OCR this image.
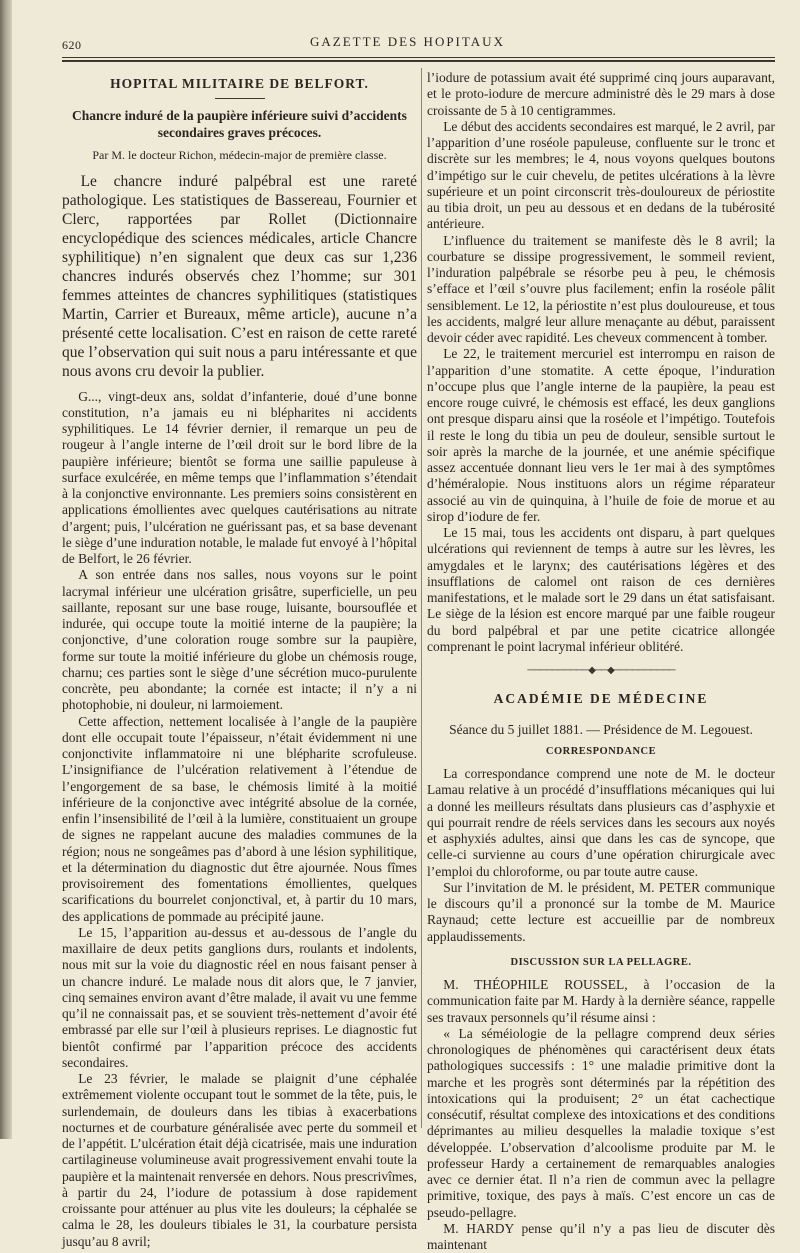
620	GAZETTE DES HOPITAUX
HOPITAL MILITAIRE DE BELFORT.
Chancre induré de la paupière inférieure suivi d’accidents secondaires graves précoces.
Par M. le docteur Richon, médecin-major de première classe.

Le chancre induré palpébral est une rareté pathologique. Les statistiques de Bassereau, Fournier et Clerc, rapportées par Rollet (Dictionnaire encyclopédique des sciences médicales, article Chancre syphilitique) n’en signalent que deux cas sur 1,236 chancres indurés observés chez l’homme; sur 301 femmes atteintes de chancres syphilitiques (statistiques Martin, Carrier et Bureaux, même article), aucune n’a présenté cette localisation. C’est en raison de cette rareté que l’observation qui suit nous a paru intéressante et que nous avons cru devoir la publier.

G..., vingt-deux ans, soldat d’infanterie, doué d’une bonne constitution, n’a jamais eu ni blépharites ni accidents syphilitiques. Le 14 février dernier, il remarque un peu de rougeur à l’angle interne de l’œil droit sur le bord libre de la paupière inférieure; bientôt se forma une saillie papuleuse à surface exulcérée, en même temps que l’inflammation s’étendait à la conjonctive environnante. Les premiers soins consistèrent en applications émollientes avec quelques cautérisations au nitrate d’argent; puis, l’ulcération ne guérissant pas, et sa base devenant le siège d’une induration notable, le malade fut envoyé à l’hôpital de Belfort, le 26 février.

A son entrée dans nos salles, nous voyons sur le point lacrymal inférieur une ulcération grisâtre, superficielle, un peu saillante, reposant sur une base rouge, luisante, boursouflée et indurée, qui occupe toute la moitié interne de la paupière; la conjonctive, d’une coloration rouge sombre sur la paupière, forme sur toute la moitié inférieure du globe un chémosis rouge, charnu; ces parties sont le siège d’une sécrétion muco-purulente concrète, peu abondante; la cornée est intacte; il n’y a ni photophobie, ni douleur, ni larmoiement.

Cette affection, nettement localisée à l’angle de la paupière dont elle occupait toute l’épaisseur, n’était évidemment ni une conjonctivite inflammatoire ni une blépharite scrofuleuse. L’insignifiance de l’ulcération relativement à l’étendue de l’engorgement de sa base, le chémosis limité à la moitié inférieure de la conjonctive avec intégrité absolue de la cornée, enfin l’insensibilité de l’œil à la lumière, constituaient un groupe de signes ne rappelant aucune des maladies communes de la région; nous ne songeâmes pas d’abord à une lésion syphilitique, et la détermination du diagnostic dut être ajournée. Nous fîmes provisoirement des fomentations émollientes, quelques scarifications du bourrelet conjonctival, et, à partir du 10 mars, des applications de pommade au précipité jaune.

Le 15, l’apparition au-dessus et au-dessous de l’angle du maxillaire de deux petits ganglions durs, roulants et indolents, nous mit sur la voie du diagnostic réel en nous faisant penser à un chancre induré. Le malade nous dit alors que, le 7 janvier, cinq semaines environ avant d’être malade, il avait vu une femme qu’il ne connaissait pas, et se souvient très-nettement d’avoir été embrassé par elle sur l’œil à plusieurs reprises. Le diagnostic fut bientôt confirmé par l’apparition précoce des accidents secondaires.

Le 23 février, le malade se plaignit d’une céphalée extrêmement violente occupant tout le sommet de la tête, puis, le surlendemain, de douleurs dans les tibias à exacerbations nocturnes et de courbature généralisée avec perte du sommeil et de l’appétit. L’ulcération était déjà cicatrisée, mais une induration cartilagineuse volumineuse avait progressivement envahi toute la paupière et la maintenait renversée en dehors. Nous prescrivîmes, à partir du 24, l’iodure de potassium à dose rapidement croissante pour atténuer au plus vite les douleurs; la céphalée se calma le 28, les douleurs tibiales le 31, la courbature persista jusqu’au 8 avril;

l’iodure de potassium avait été supprimé cinq jours auparavant, et le proto-iodure de mercure administré dès le 29 mars à dose croissante de 5 à 10 centigrammes.

Le début des accidents secondaires est marqué, le 2 avril, par l’apparition d’une roséole papuleuse, confluente sur le tronc et discrète sur les membres; le 4, nous voyons quelques boutons d’impétigo sur le cuir chevelu, de petites ulcérations à la lèvre supérieure et un point circonscrit très-douloureux de périostite au tibia droit, un peu au dessous et en dedans de la tubérosité antérieure.

L’influence du traitement se manifeste dès le 8 avril; la courbature se dissipe progressivement, le sommeil revient, l’induration palpébrale se résorbe peu à peu, le chémosis s’efface et l’œil s’ouvre plus facilement; enfin la roséole pâlit sensiblement. Le 12, la périostite n’est plus douloureuse, et tous les accidents, malgré leur allure menaçante au début, paraissent devoir céder avec rapidité. Les cheveux commencent à tomber.

Le 22, le traitement mercuriel est interrompu en raison de l’apparition d’une stomatite. A cette époque, l’induration n’occupe plus que l’angle interne de la paupière, la peau est encore rouge cuivré, le chémosis est effacé, les deux ganglions ont presque disparu ainsi que la roséole et l’impétigo. Toutefois il reste le long du tibia un peu de douleur, sensible surtout le soir après la marche de la journée, et une anémie spécifique assez accentuée donnant lieu vers le 1er mai à des symptômes d’héméralopie. Nous instituons alors un régime réparateur associé au vin de quinquina, à l’huile de foie de morue et au sirop d’iodure de fer.

Le 15 mai, tous les accidents ont disparu, à part quelques ulcérations qui reviennent de temps à autre sur les lèvres, les amygdales et le larynx; des cautérisations légères et des insufflations de calomel ont raison de ces dernières manifestations, et le malade sort le 29 dans un état satisfaisant. Le siège de la lésion est encore marqué par une faible rougeur du bord palpébral et par une petite cicatrice allongée comprenant le point lacrymal inférieur oblitéré.

──────────◆──◆──────────
ACADÉMIE DE MÉDECINE

Séance du 5 juillet 1881. — Présidence de M. Legouest.

CORRESPONDANCE

La correspondance comprend une note de M. le docteur Lamau relative à un procédé d’insufflations mécaniques qui lui a donné les meilleurs résultats dans plusieurs cas d’asphyxie et qui pourrait rendre de réels services dans les secours aux noyés et asphyxiés adultes, ainsi que dans les cas de syncope, que celle-ci survienne au cours d’une opération chirurgicale avec l’emploi du chloroforme, ou par toute autre cause.

Sur l’invitation de M. le président, M. PETER communique le discours qu’il a prononcé sur la tombe de M. Maurice Raynaud; cette lecture est accueillie par de nombreux applaudissements.

DISCUSSION SUR LA PELLAGRE.

M. THÉOPHILE ROUSSEL, à l’occasion de la communication faite par M. Hardy à la dernière séance, rappelle ses travaux personnels qu’il résume ainsi :

« La séméiologie de la pellagre comprend deux séries chronologiques de phénomènes qui caractérisent deux états pathologiques successifs : 1° une maladie primitive dont la marche et les progrès sont déterminés par la répétition des intoxications qui la produisent; 2° un état cachectique consécutif, résultat complexe des intoxications et des conditions déprimantes au milieu desquelles la maladie toxique s’est développée. L’observation d’alcoolisme produite par M. le professeur Hardy a certainement de remarquables analogies avec ce dernier état. Il n’a rien de commun avec la pellagre primitive, toxique, des pays à maïs. C’est encore un cas de pseudo-pellagre.

M. HARDY pense qu’il n’y a pas lieu de discuter dès maintenant
